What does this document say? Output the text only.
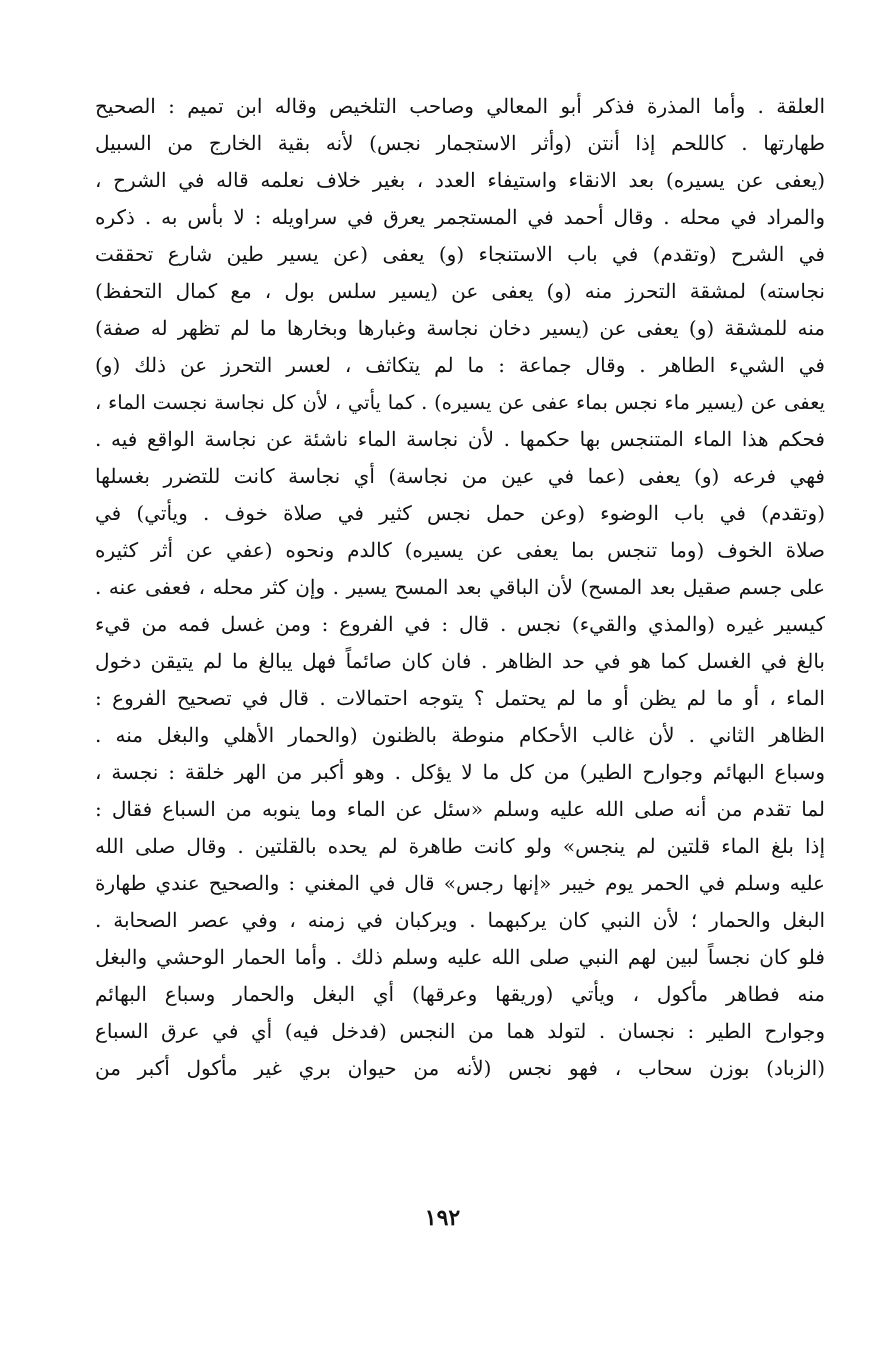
العلقة . وأما المذرة فذكر أبو المعالي وصاحب التلخيص وقاله ابن تميم : الصحيح
طهارتها . كاللحم إذا أنتن (وأثر الاستجمار نجس) لأنه بقية الخارج من السبيل
(يعفى عن يسيره) بعد الانقاء واستيفاء العدد ، بغير خلاف نعلمه قاله في الشرح ،
والمراد في محله . وقال أحمد في المستجمر يعرق في سراويله : لا بأس به . ذكره
في الشرح (وتقدم) في باب الاستنجاء (و) يعفى (عن يسير طين شارع تحققت
نجاسته) لمشقة التحرز منه (و) يعفى عن (يسير سلس بول ، مع كمال التحفظ)
منه للمشقة (و) يعفى عن (يسير دخان نجاسة وغبارها وبخارها ما لم تظهر له صفة)
في الشيء الطاهر . وقال جماعة : ما لم يتكاثف ، لعسر التحرز عن ذلك (و)
يعفى عن (يسير ماء نجس بماء عفى عن يسيره) . كما يأتي ، لأن كل نجاسة نجست الماء ،
فحكم هذا الماء المتنجس بها حكمها . لأن نجاسة الماء ناشئة عن نجاسة الواقع فيه .
فهي فرعه (و) يعفى (عما في عين من نجاسة) أي نجاسة كانت للتضرر بغسلها
(وتقدم) في باب الوضوء (وعن حمل نجس كثير في صلاة خوف . ويأتي) في
صلاة الخوف (وما تنجس بما يعفى عن يسيره) كالدم ونحوه (عفي عن أثر كثيره
على جسم صقيل بعد المسح) لأن الباقي بعد المسح يسير . وإن كثر محله ، فعفى عنه .
كيسير غيره (والمذي والقيء) نجس . قال : في الفروع : ومن غسل فمه من قيء
بالغ في الغسل كما هو في حد الظاهر . فان كان صائماً فهل يبالغ ما لم يتيقن دخول
الماء ، أو ما لم يظن أو ما لم يحتمل ؟ يتوجه احتمالات . قال في تصحيح الفروع :
الظاهر الثاني . لأن غالب الأحكام منوطة بالظنون (والحمار الأهلي والبغل منه .
وسباع البهائم وجوارح الطير) من كل ما لا يؤكل . وهو أكبر من الهر خلقة : نجسة ،
لما تقدم من أنه صلى الله عليه وسلم «سئل عن الماء وما ينوبه من السباع فقال :
إذا بلغ الماء قلتين لم ينجس» ولو كانت طاهرة لم يحده بالقلتين . وقال صلى الله
عليه وسلم في الحمر يوم خيبر «إنها رجس» قال في المغني : والصحيح عندي طهارة
البغل والحمار ؛ لأن النبي كان يركبهما . ويركبان في زمنه ، وفي عصر الصحابة .
فلو كان نجساً لبين لهم النبي صلى الله عليه وسلم ذلك . وأما الحمار الوحشي والبغل
منه فطاهر مأكول ، ويأتي (وريقها وعرقها) أي البغل والحمار وسباع البهائم
وجوارح الطير : نجسان . لتولد هما من النجس (فدخل فيه) أي في عرق السباع
(الزباد) بوزن سحاب ، فهو نجس (لأنه من حيوان بري غير مأكول أكبر من
١٩٢
